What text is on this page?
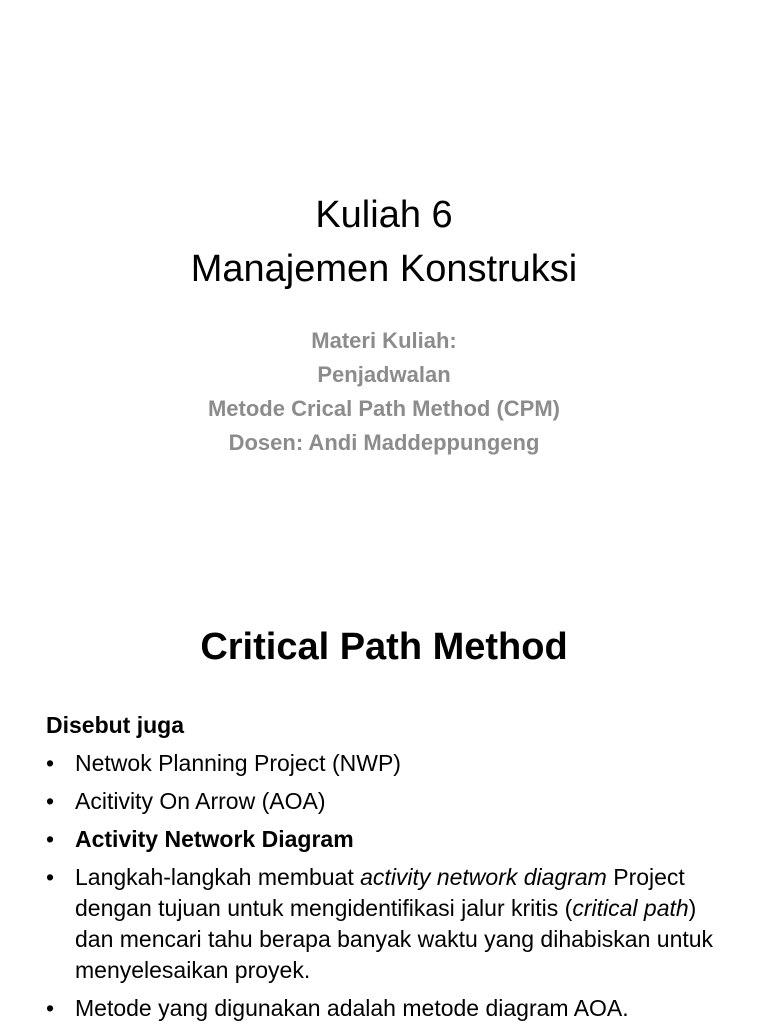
Kuliah 6
Manajemen Konstruksi
Materi Kuliah:
Penjadwalan
Metode Crical Path Method (CPM)
Dosen: Andi Maddeppungeng
Critical Path Method
Disebut juga
• Netwok Planning Project (NWP)
• Acitivity On Arrow (AOA)
• Activity Network Diagram
• Langkah-langkah membuat activity network diagram Project dengan tujuan untuk mengidentifikasi jalur kritis (critical path) dan mencari tahu berapa banyak waktu yang dihabiskan untuk menyelesaikan proyek.
• Metode yang digunakan adalah metode diagram AOA.
